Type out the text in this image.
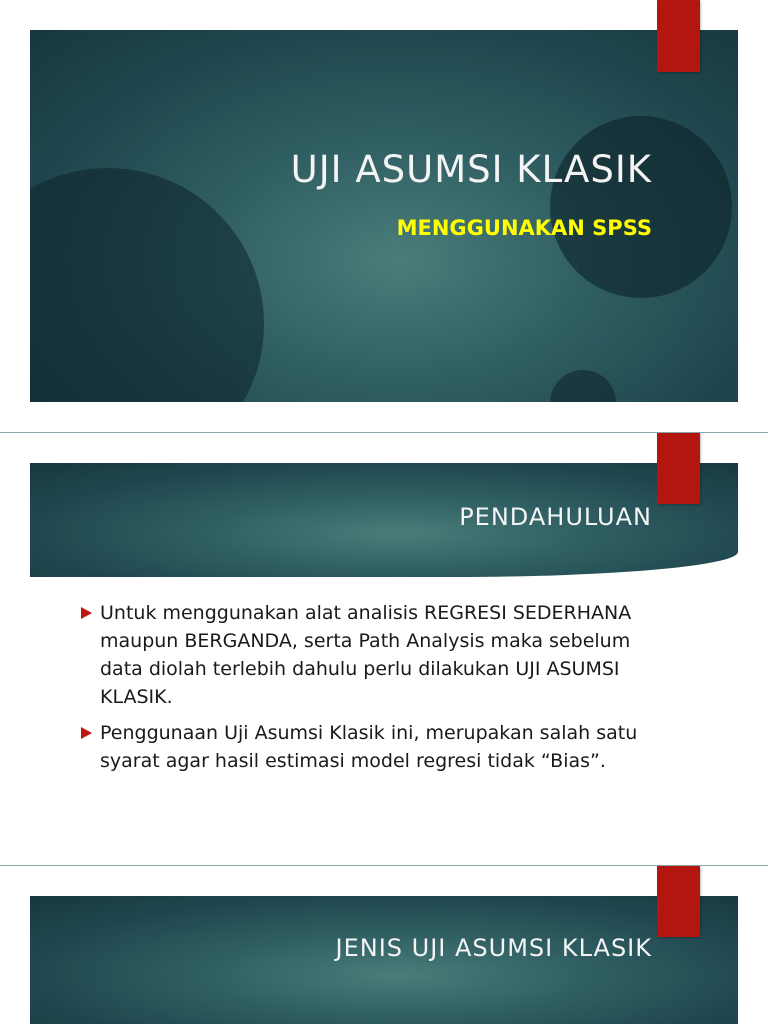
UJI ASUMSI KLASIK
MENGGUNAKAN SPSS
PENDAHULUAN
Untuk menggunakan alat analisis REGRESI SEDERHANA maupun BERGANDA, serta Path Analysis maka sebelum data diolah terlebih dahulu perlu dilakukan UJI ASUMSI KLASIK.
Penggunaan Uji Asumsi Klasik ini, merupakan salah satu syarat agar hasil estimasi model regresi tidak “Bias”.
JENIS UJI ASUMSI KLASIK
